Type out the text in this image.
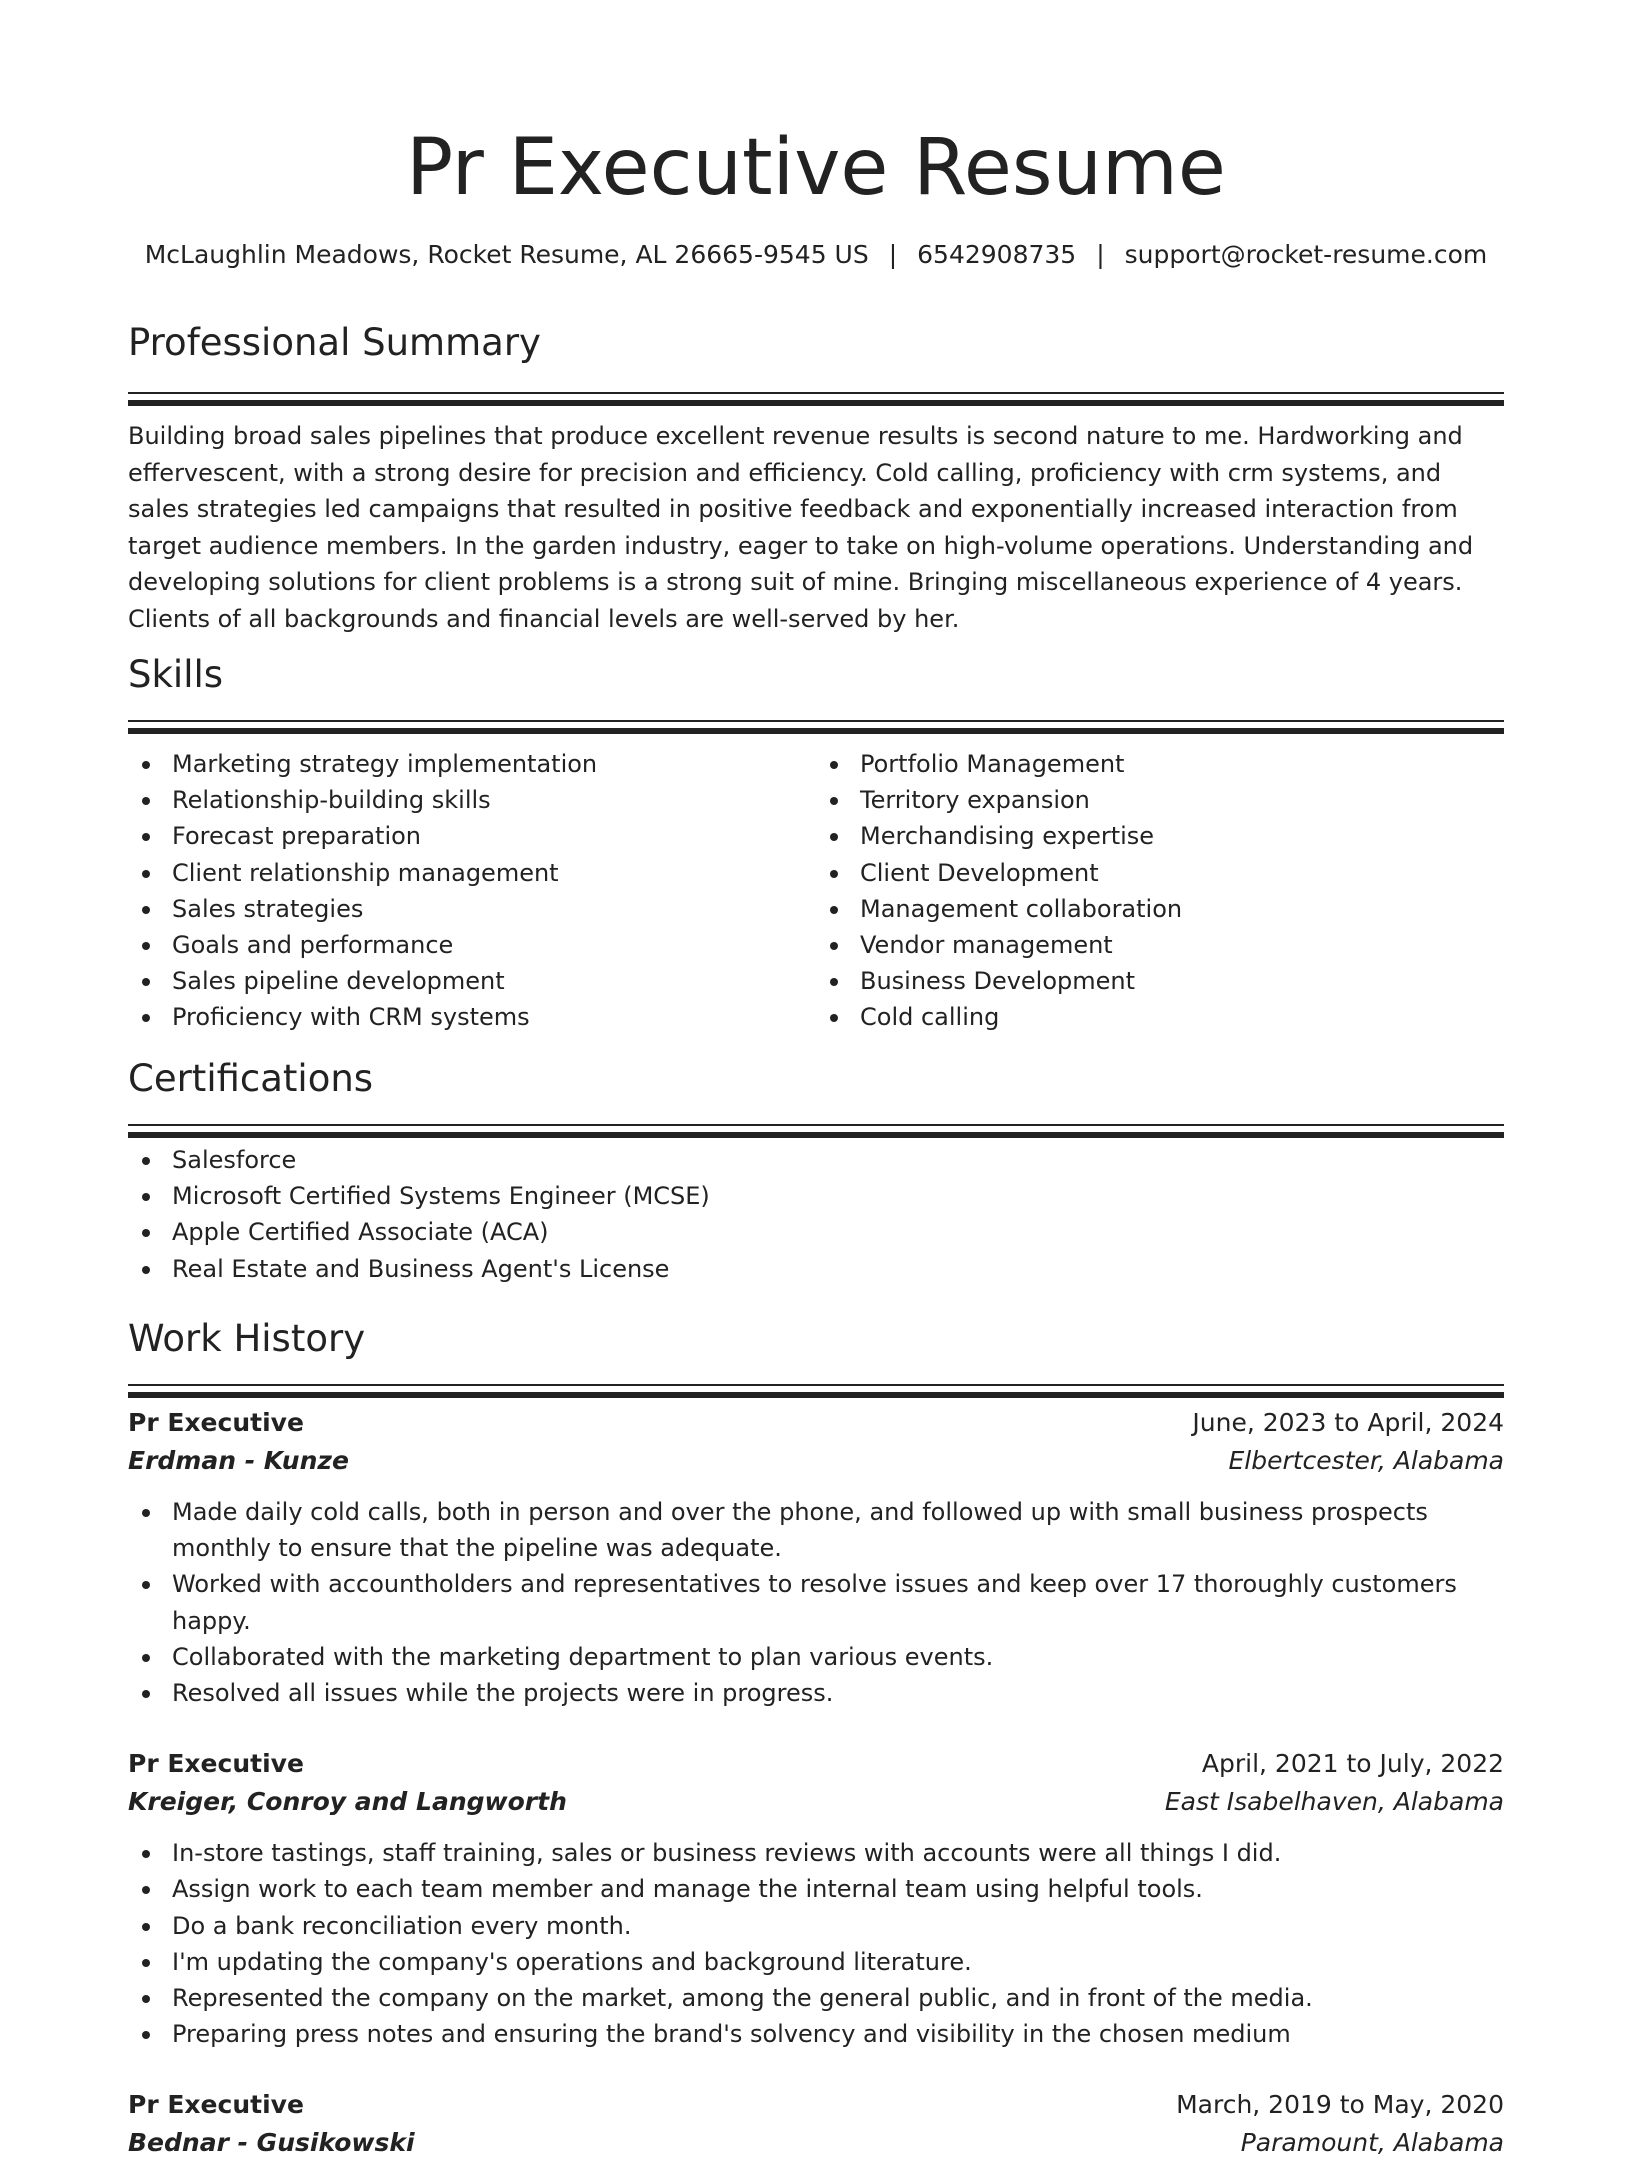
Pr Executive Resume
McLaughlin Meadows, Rocket Resume, AL 26665-9545 US | 6542908735 | support@rocket-resume.com
Professional Summary

Building broad sales pipelines that produce excellent revenue results is second nature to me. Hardworking and effervescent, with a strong desire for precision and efficiency. Cold calling, proficiency with crm systems, and sales strategies led campaigns that resulted in positive feedback and exponentially increased interaction from target audience members. In the garden industry, eager to take on high-volume operations. Understanding and developing solutions for client problems is a strong suit of mine. Bringing miscellaneous experience of 4 years. Clients of all backgrounds and financial levels are well-served by her.

Skills
Marketing strategy implementation
Relationship-building skills
Forecast preparation
Client relationship management
Sales strategies
Goals and performance
Sales pipeline development
Proficiency with CRM systems
Portfolio Management
Territory expansion
Merchandising expertise
Client Development
Management collaboration
Vendor management
Business Development
Cold calling
Certifications
Salesforce
Microsoft Certified Systems Engineer (MCSE)
Apple Certified Associate (ACA)
Real Estate and Business Agent's License
Work History
Pr Executive	June, 2023 to April, 2024
Erdman - Kunze	Elbertcester, Alabama
Made daily cold calls, both in person and over the phone, and followed up with small business prospects monthly to ensure that the pipeline was adequate.
Worked with accountholders and representatives to resolve issues and keep over 17 thoroughly customers happy.
Collaborated with the marketing department to plan various events.
Resolved all issues while the projects were in progress.
Pr Executive	April, 2021 to July, 2022
Kreiger, Conroy and Langworth	East Isabelhaven, Alabama
In-store tastings, staff training, sales or business reviews with accounts were all things I did.
Assign work to each team member and manage the internal team using helpful tools.
Do a bank reconciliation every month.
I'm updating the company's operations and background literature.
Represented the company on the market, among the general public, and in front of the media.
Preparing press notes and ensuring the brand's solvency and visibility in the chosen medium
Pr Executive	March, 2019 to May, 2020
Bednar - Gusikowski	Paramount, Alabama
